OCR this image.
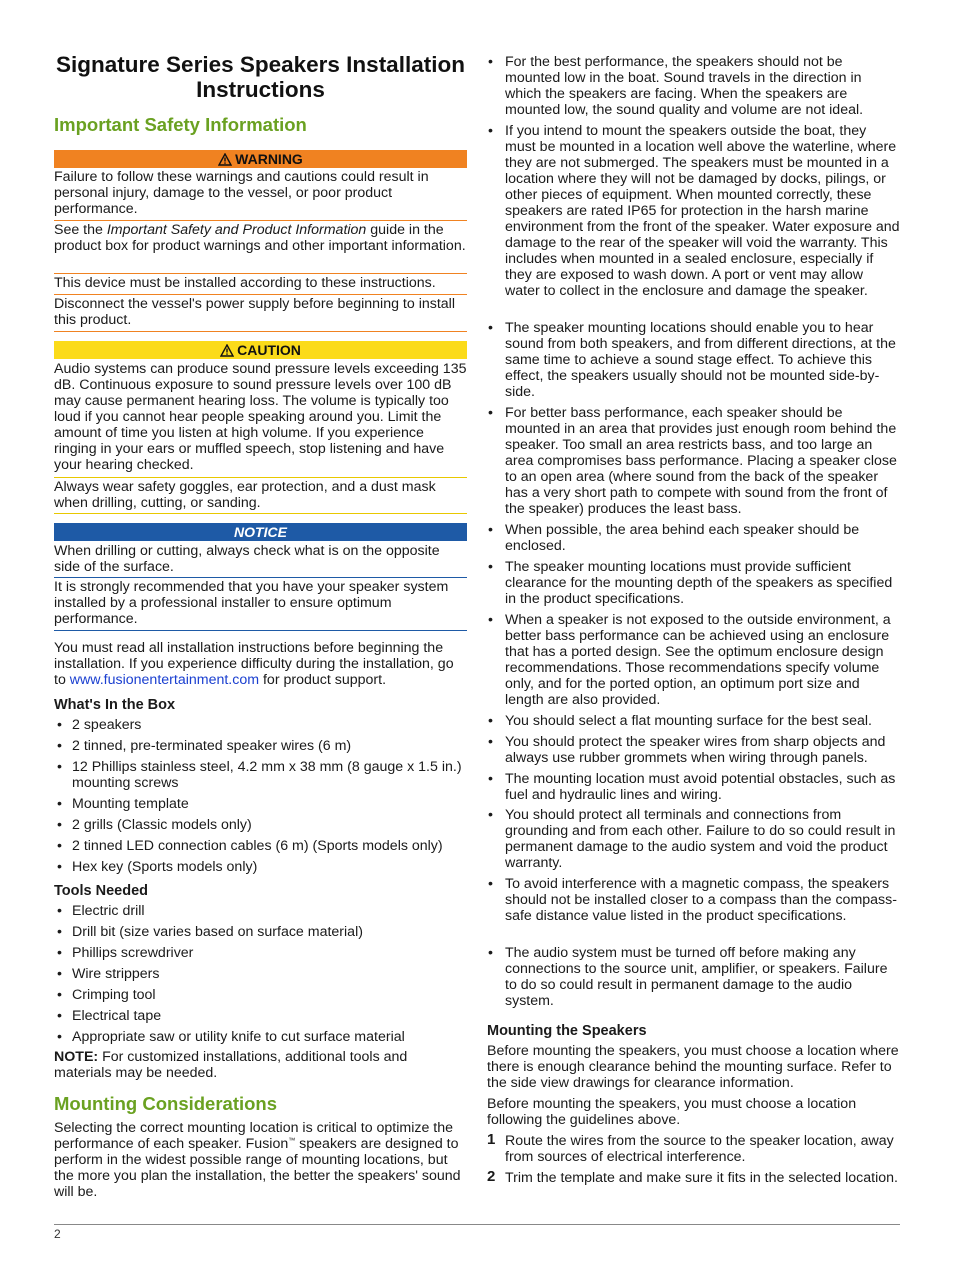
Signature Series Speakers Installation Instructions
Important Safety Information
WARNING

Failure to follow these warnings and cautions could result in personal injury, damage to the vessel, or poor product performance.

See the Important Safety and Product Information guide in the product box for product warnings and other important information.

This device must be installed according to these instructions.

Disconnect the vessel's power supply before beginning to install this product.

CAUTION

Audio systems can produce sound pressure levels exceeding 135 dB. Continuous exposure to sound pressure levels over 100 dB may cause permanent hearing loss. The volume is typically too loud if you cannot hear people speaking around you. Limit the amount of time you listen at high volume. If you experience ringing in your ears or muffled speech, stop listening and have your hearing checked.

Always wear safety goggles, ear protection, and a dust mask when drilling, cutting, or sanding.

NOTICE

When drilling or cutting, always check what is on the opposite side of the surface.

It is strongly recommended that you have your speaker system installed by a professional installer to ensure optimum performance.

You must read all installation instructions before beginning the installation. If you experience difficulty during the installation, go to www.fusionentertainment.com for product support.

What's In the Box
• 2 speakers
• 2 tinned, pre-terminated speaker wires (6 m)
• 12 Phillips stainless steel, 4.2 mm x 38 mm (8 gauge x 1.5 in.) mounting screws
• Mounting template
• 2 grills (Classic models only)
• 2 tinned LED connection cables (6 m) (Sports models only)
• Hex key (Sports models only)
Tools Needed
• Electric drill
• Drill bit (size varies based on surface material)
• Phillips screwdriver
• Wire strippers
• Crimping tool
• Electrical tape
• Appropriate saw or utility knife to cut surface material

NOTE: For customized installations, additional tools and materials may be needed.

Mounting Considerations

Selecting the correct mounting location is critical to optimize the performance of each speaker. Fusion™ speakers are designed to perform in the widest possible range of mounting locations, but the more you plan the installation, the better the speakers' sound will be.

• For the best performance, the speakers should not be mounted low in the boat. Sound travels in the direction in which the speakers are facing. When the speakers are mounted low, the sound quality and volume are not ideal.
• If you intend to mount the speakers outside the boat, they must be mounted in a location well above the waterline, where they are not submerged. The speakers must be mounted in a location where they will not be damaged by docks, pilings, or other pieces of equipment. When mounted correctly, these speakers are rated IP65 for protection in the harsh marine environment from the front of the speaker. Water exposure and damage to the rear of the speaker will void the warranty. This includes when mounted in a sealed enclosure, especially if they are exposed to wash down. A port or vent may allow water to collect in the enclosure and damage the speaker.
• The speaker mounting locations should enable you to hear sound from both speakers, and from different directions, at the same time to achieve a sound stage effect. To achieve this effect, the speakers usually should not be mounted side-by-side.
• For better bass performance, each speaker should be mounted in an area that provides just enough room behind the speaker. Too small an area restricts bass, and too large an area compromises bass performance. Placing a speaker close to an open area (where sound from the back of the speaker has a very short path to compete with sound from the front of the speaker) produces the least bass.
• When possible, the area behind each speaker should be enclosed.
• The speaker mounting locations must provide sufficient clearance for the mounting depth of the speakers as specified in the product specifications.
• When a speaker is not exposed to the outside environment, a better bass performance can be achieved using an enclosure that has a ported design. See the optimum enclosure design recommendations. Those recommendations specify volume only, and for the ported option, an optimum port size and length are also provided.
• You should select a flat mounting surface for the best seal.
• You should protect the speaker wires from sharp objects and always use rubber grommets when wiring through panels.
• The mounting location must avoid potential obstacles, such as fuel and hydraulic lines and wiring.
• You should protect all terminals and connections from grounding and from each other. Failure to do so could result in permanent damage to the audio system and void the product warranty.
• To avoid interference with a magnetic compass, the speakers should not be installed closer to a compass than the compass-safe distance value listed in the product specifications.
• The audio system must be turned off before making any connections to the source unit, amplifier, or speakers. Failure to do so could result in permanent damage to the audio system.
Mounting the Speakers

Before mounting the speakers, you must choose a location where there is enough clearance behind the mounting surface. Refer to the side view drawings for clearance information.

Before mounting the speakers, you must choose a location following the guidelines above.

1 Route the wires from the source to the speaker location, away from sources of electrical interference.
2 Trim the template and make sure it fits in the selected location.
2
